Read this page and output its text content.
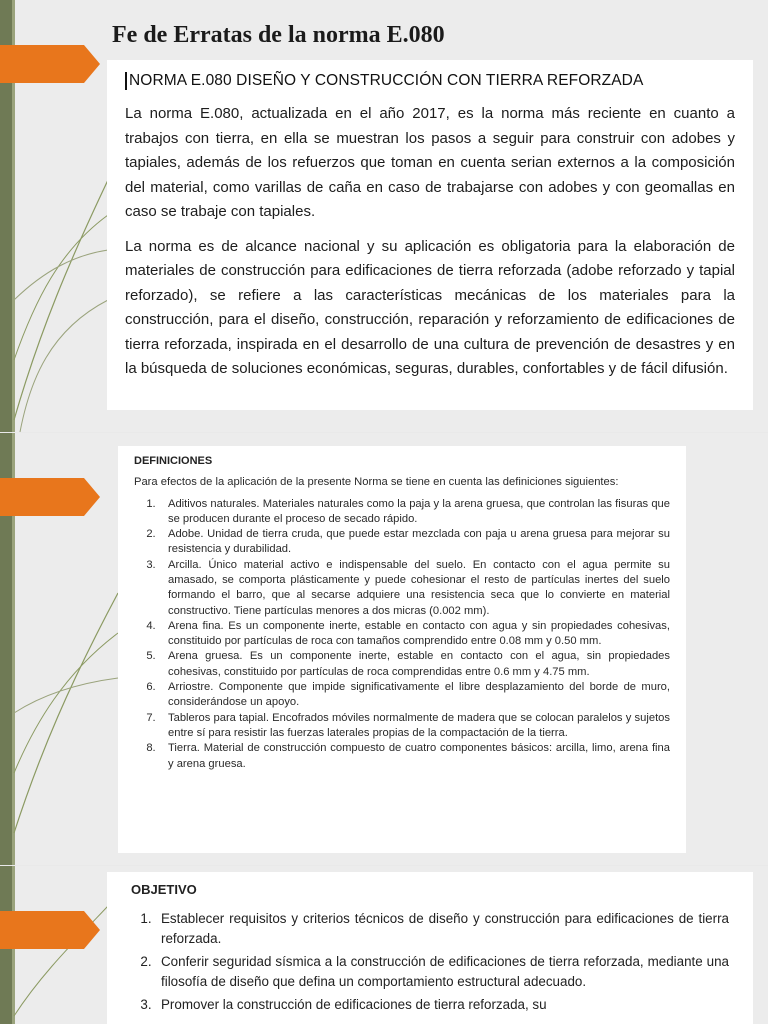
Fe de Erratas de la norma E.080
NORMA E.080 DISEÑO Y CONSTRUCCIÓN CON TIERRA REFORZADA

La norma E.080, actualizada en el año 2017, es la norma más reciente en cuanto a trabajos con tierra, en ella se muestran los pasos a seguir para construir con adobes y tapiales, además de los refuerzos que toman en cuenta serian externos a la composición del material, como varillas de caña en caso de trabajarse con adobes y con geomallas en caso se trabaje con tapiales.

La norma es de alcance nacional y su aplicación es obligatoria para la elaboración de materiales de construcción para edificaciones de tierra reforzada (adobe reforzado y tapial reforzado), se refiere a las características mecánicas de los materiales para la construcción, para el diseño, construcción, reparación y reforzamiento de edificaciones de tierra reforzada, inspirada en el desarrollo de una cultura de prevención de desastres y en la búsqueda de soluciones económicas, seguras, durables, confortables y de fácil difusión.

DEFINICIONES

Para efectos de la aplicación de la presente Norma se tiene en cuenta las definiciones siguientes:

1.	Aditivos naturales. Materiales naturales como la paja y la arena gruesa, que controlan las fisuras que se producen durante el proceso de secado rápido.
2.	Adobe. Unidad de tierra cruda, que puede estar mezclada con paja u arena gruesa para mejorar su resistencia y durabilidad.
3.	Arcilla. Único material activo e indispensable del suelo. En contacto con el agua permite su amasado, se comporta plásticamente y puede cohesionar el resto de partículas inertes del suelo formando el barro, que al secarse adquiere una resistencia seca que lo convierte en material constructivo. Tiene partículas menores a dos micras (0.002 mm).
4.	Arena fina. Es un componente inerte, estable en contacto con agua y sin propiedades cohesivas, constituido por partículas de roca con tamaños comprendido entre 0.08 mm y 0.50 mm.
5.	Arena gruesa. Es un componente inerte, estable en contacto con el agua, sin propiedades cohesivas, constituido por partículas de roca comprendidas entre 0.6 mm y 4.75 mm.
6.	Arriostre. Componente que impide significativamente el libre desplazamiento del borde de muro, considerándose un apoyo.
7.	Tableros para tapial. Encofrados móviles normalmente de madera que se colocan paralelos y sujetos entre sí para resistir las fuerzas laterales propias de la compactación de la tierra.
8.	Tierra. Material de construcción compuesto de cuatro componentes básicos: arcilla, limo, arena fina y arena gruesa.
OBJETIVO
1. Establecer requisitos y criterios técnicos de diseño y construcción para edificaciones de tierra reforzada.
2. Conferir seguridad sísmica a la construcción de edificaciones de tierra reforzada, mediante una filosofía de diseño que defina un comportamiento estructural adecuado.
3. Promover la construcción de edificaciones de tierra reforzada, su
